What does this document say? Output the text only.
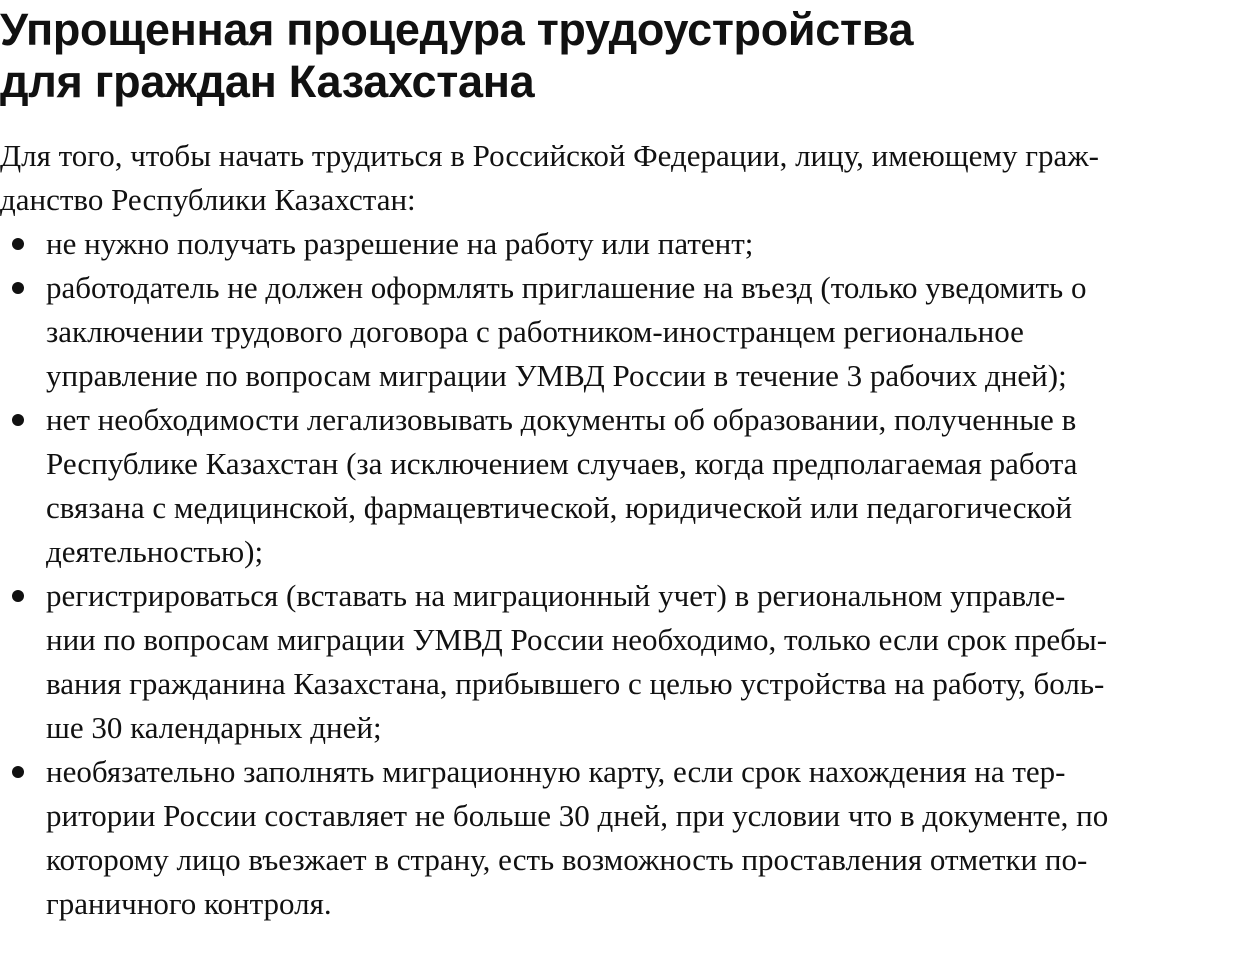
Упрощенная процедура трудоустройства
для граждан Казахстана

Для того, чтобы начать трудиться в Российской Федерации, лицу, имеющему граж-
данство Республики Казахстан:

не нужно получать разрешение на работу или патент;
работодатель не должен оформлять приглашение на въезд (только уведомить о
заключении трудового договора с работником-иностранцем региональное
управление по вопросам миграции УМВД России в течение 3 рабочих дней);
нет необходимости легализовывать документы об образовании, полученные в
Республике Казахстан (за исключением случаев, когда предполагаемая работа
связана с медицинской, фармацевтической, юридической или педагогической
деятельностью);
регистрироваться (вставать на миграционный учет) в региональном управле-
нии по вопросам миграции УМВД России необходимо, только если срок пребы-
вания гражданина Казахстана, прибывшего с целью устройства на работу, боль-
ше 30 календарных дней;
необязательно заполнять миграционную карту, если срок нахождения на тер-
ритории России составляет не больше 30 дней, при условии что в документе, по
которому лицо въезжает в страну, есть возможность проставления отметки по-
граничного контроля.
